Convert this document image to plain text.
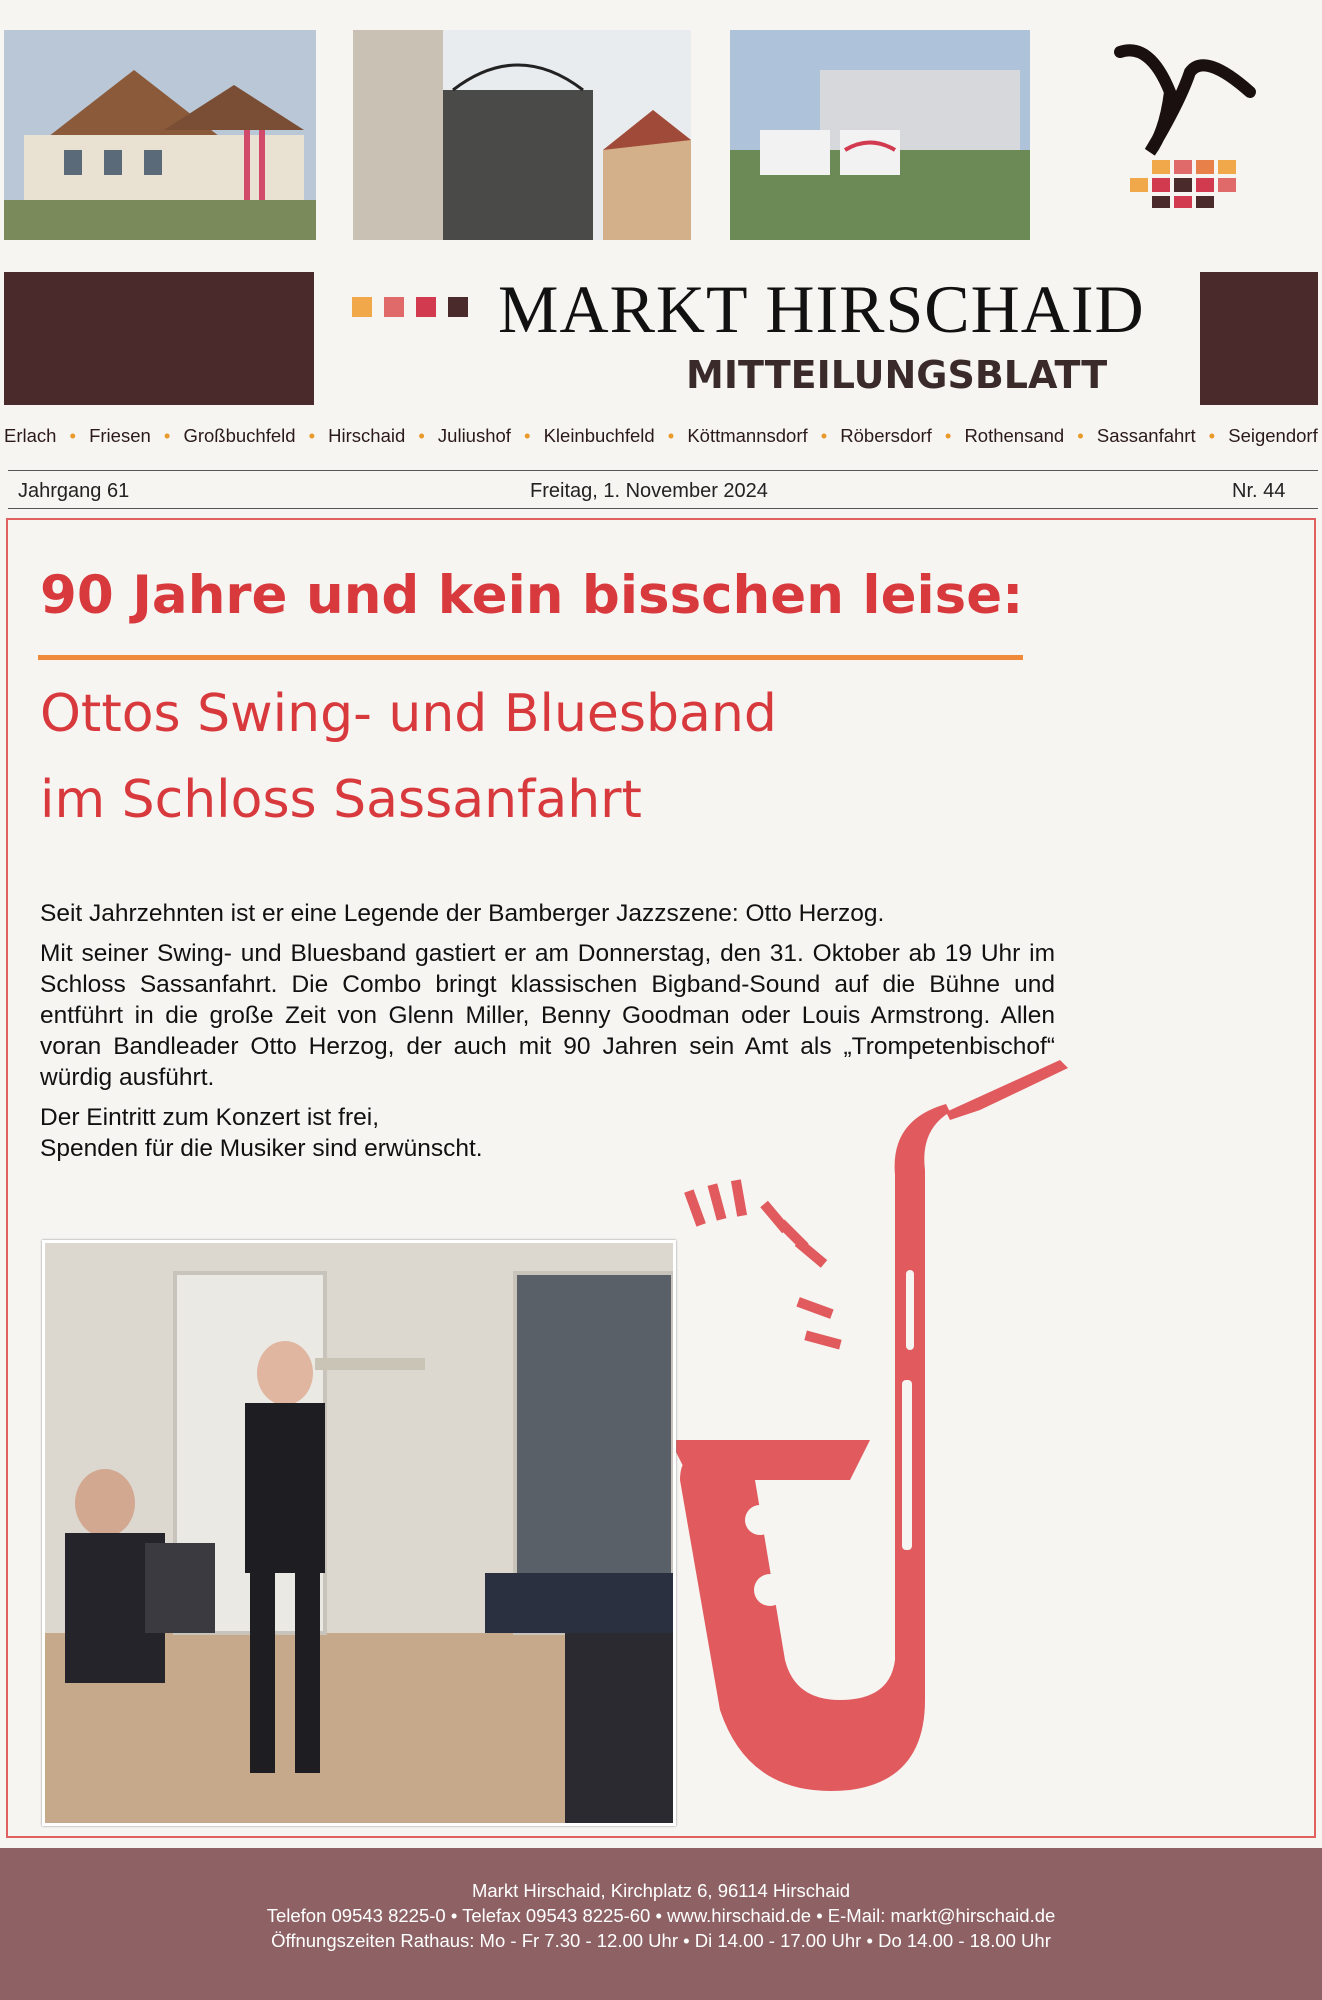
MARKT HIRSCHAID
MITTEILUNGSBLATT
Erlach • Friesen • Großbuchfeld • Hirschaid • Juliushof • Kleinbuchfeld • Köttmannsdorf • Röbersdorf • Rothensand • Sassanfahrt • Seigendorf
Jahrgang 61	Freitag, 1. November 2024	Nr. 44
90 Jahre und kein bisschen leise:
Ottos Swing- und Bluesband
im Schloss Sassanfahrt

Seit Jahrzehnten ist er eine Legende der Bamberger Jazzszene: Otto Herzog.

Mit seiner Swing- und Bluesband gastiert er am Donnerstag, den 31. Oktober ab 19 Uhr im Schloss Sassanfahrt. Die Combo bringt klassischen Bigband-Sound auf die Bühne und entführt in die große Zeit von Glenn Miller, Benny Goodman oder Louis Armstrong. Allen voran Bandleader Otto Herzog, der auch mit 90 Jahren sein Amt als „Trompetenbischof“ würdig ausführt.

Der Eintritt zum Konzert ist frei,

Spenden für die Musiker sind erwünscht.

Markt Hirschaid, Kirchplatz 6, 96114 Hirschaid
Telefon 09543 8225-0 • Telefax 09543 8225-60 • www.hirschaid.de • E-Mail: markt@hirschaid.de
Öffnungszeiten Rathaus: Mo - Fr 7.30 - 12.00 Uhr • Di 14.00 - 17.00 Uhr • Do 14.00 - 18.00 Uhr
